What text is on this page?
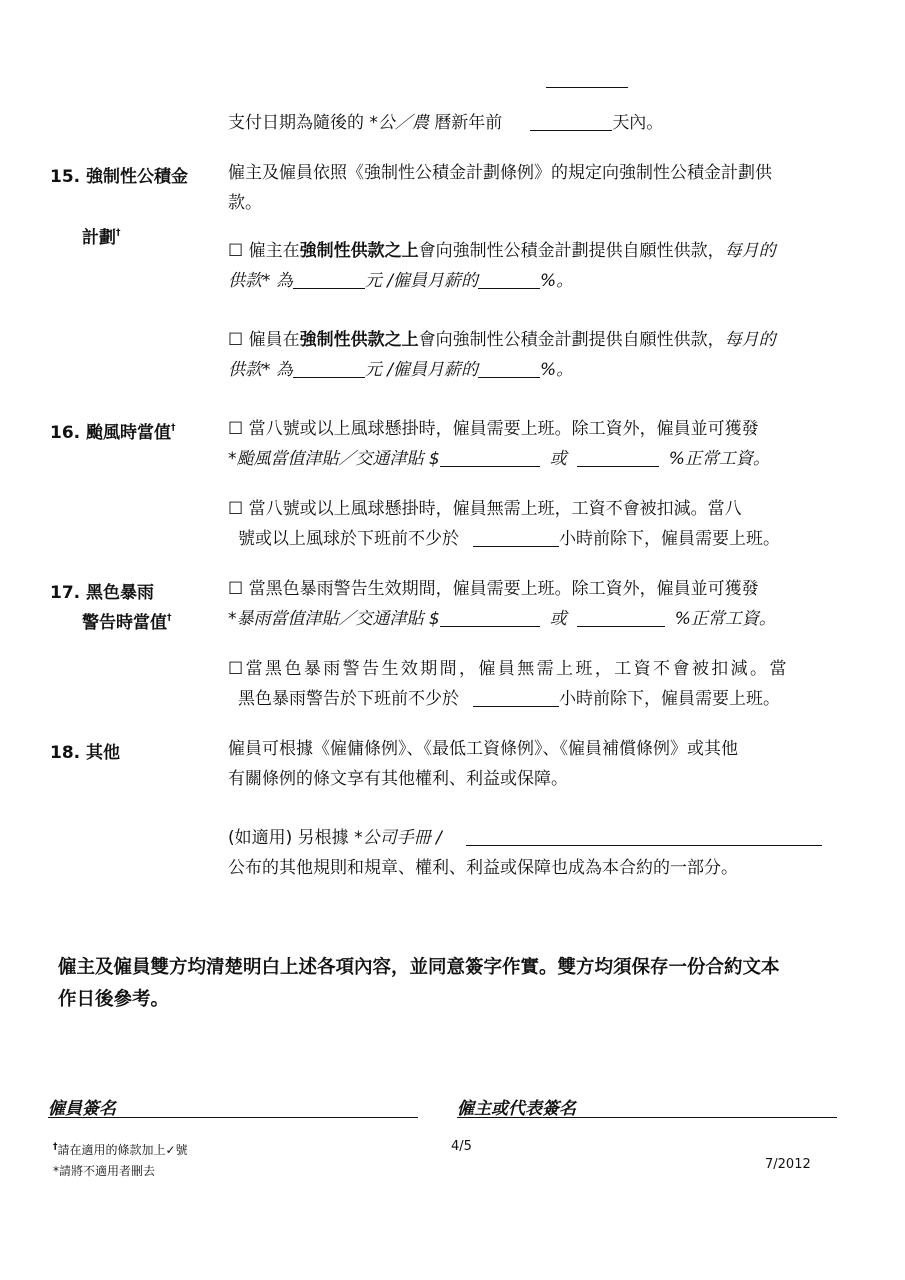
支付日期為隨後的 *公／農 曆新年前	天內。
15. 強制性公積金
計劃†
僱主及僱員依照《強制性公積金計劃條例》的規定向強制性公積金計劃供
款。
☐ 僱主在強制性供款之上會向強制性公積金計劃提供自願性供款，每月的
供款* 為	元 /僱員月薪的	%。
☐ 僱員在強制性供款之上會向強制性公積金計劃提供自願性供款，每月的
供款* 為	元 /僱員月薪的	%。
16. 颱風時當值†	☐ 當八號或以上風球懸掛時，僱員需要上班。除工資外，僱員並可獲發
*颱風當值津貼／交通津貼 $	或	%正常工資。
☐ 當八號或以上風球懸掛時，僱員無需上班，工資不會被扣減。當八
號或以上風球於下班前不少於	小時前除下，僱員需要上班。
17. 黑色暴雨
警告時當值†
☐ 當黑色暴雨警告生效期間，僱員需要上班。除工資外，僱員並可獲發
*暴雨當值津貼／交通津貼 $	或	%正常工資。
☐當黑色暴雨警告生效期間，僱員無需上班，工資不會被扣減。當
黑色暴雨警告於下班前不少於	小時前除下，僱員需要上班。
18. 其他	僱員可根據《僱傭條例》、《最低工資條例》、《僱員補償條例》或其他
有關條例的條文享有其他權利、利益或保障。
(如適用) 另根據 *公司手冊 /
公布的其他規則和規章、權利、利益或保障也成為本合約的一部分。
僱主及僱員雙方均清楚明白上述各項內容，並同意簽字作實。雙方均須保存一份合約文本
作日後參考。
僱員簽名	僱主或代表簽名
†請在適用的條款加上✓號
*請將不適用者刪去
4/5
7/2012
